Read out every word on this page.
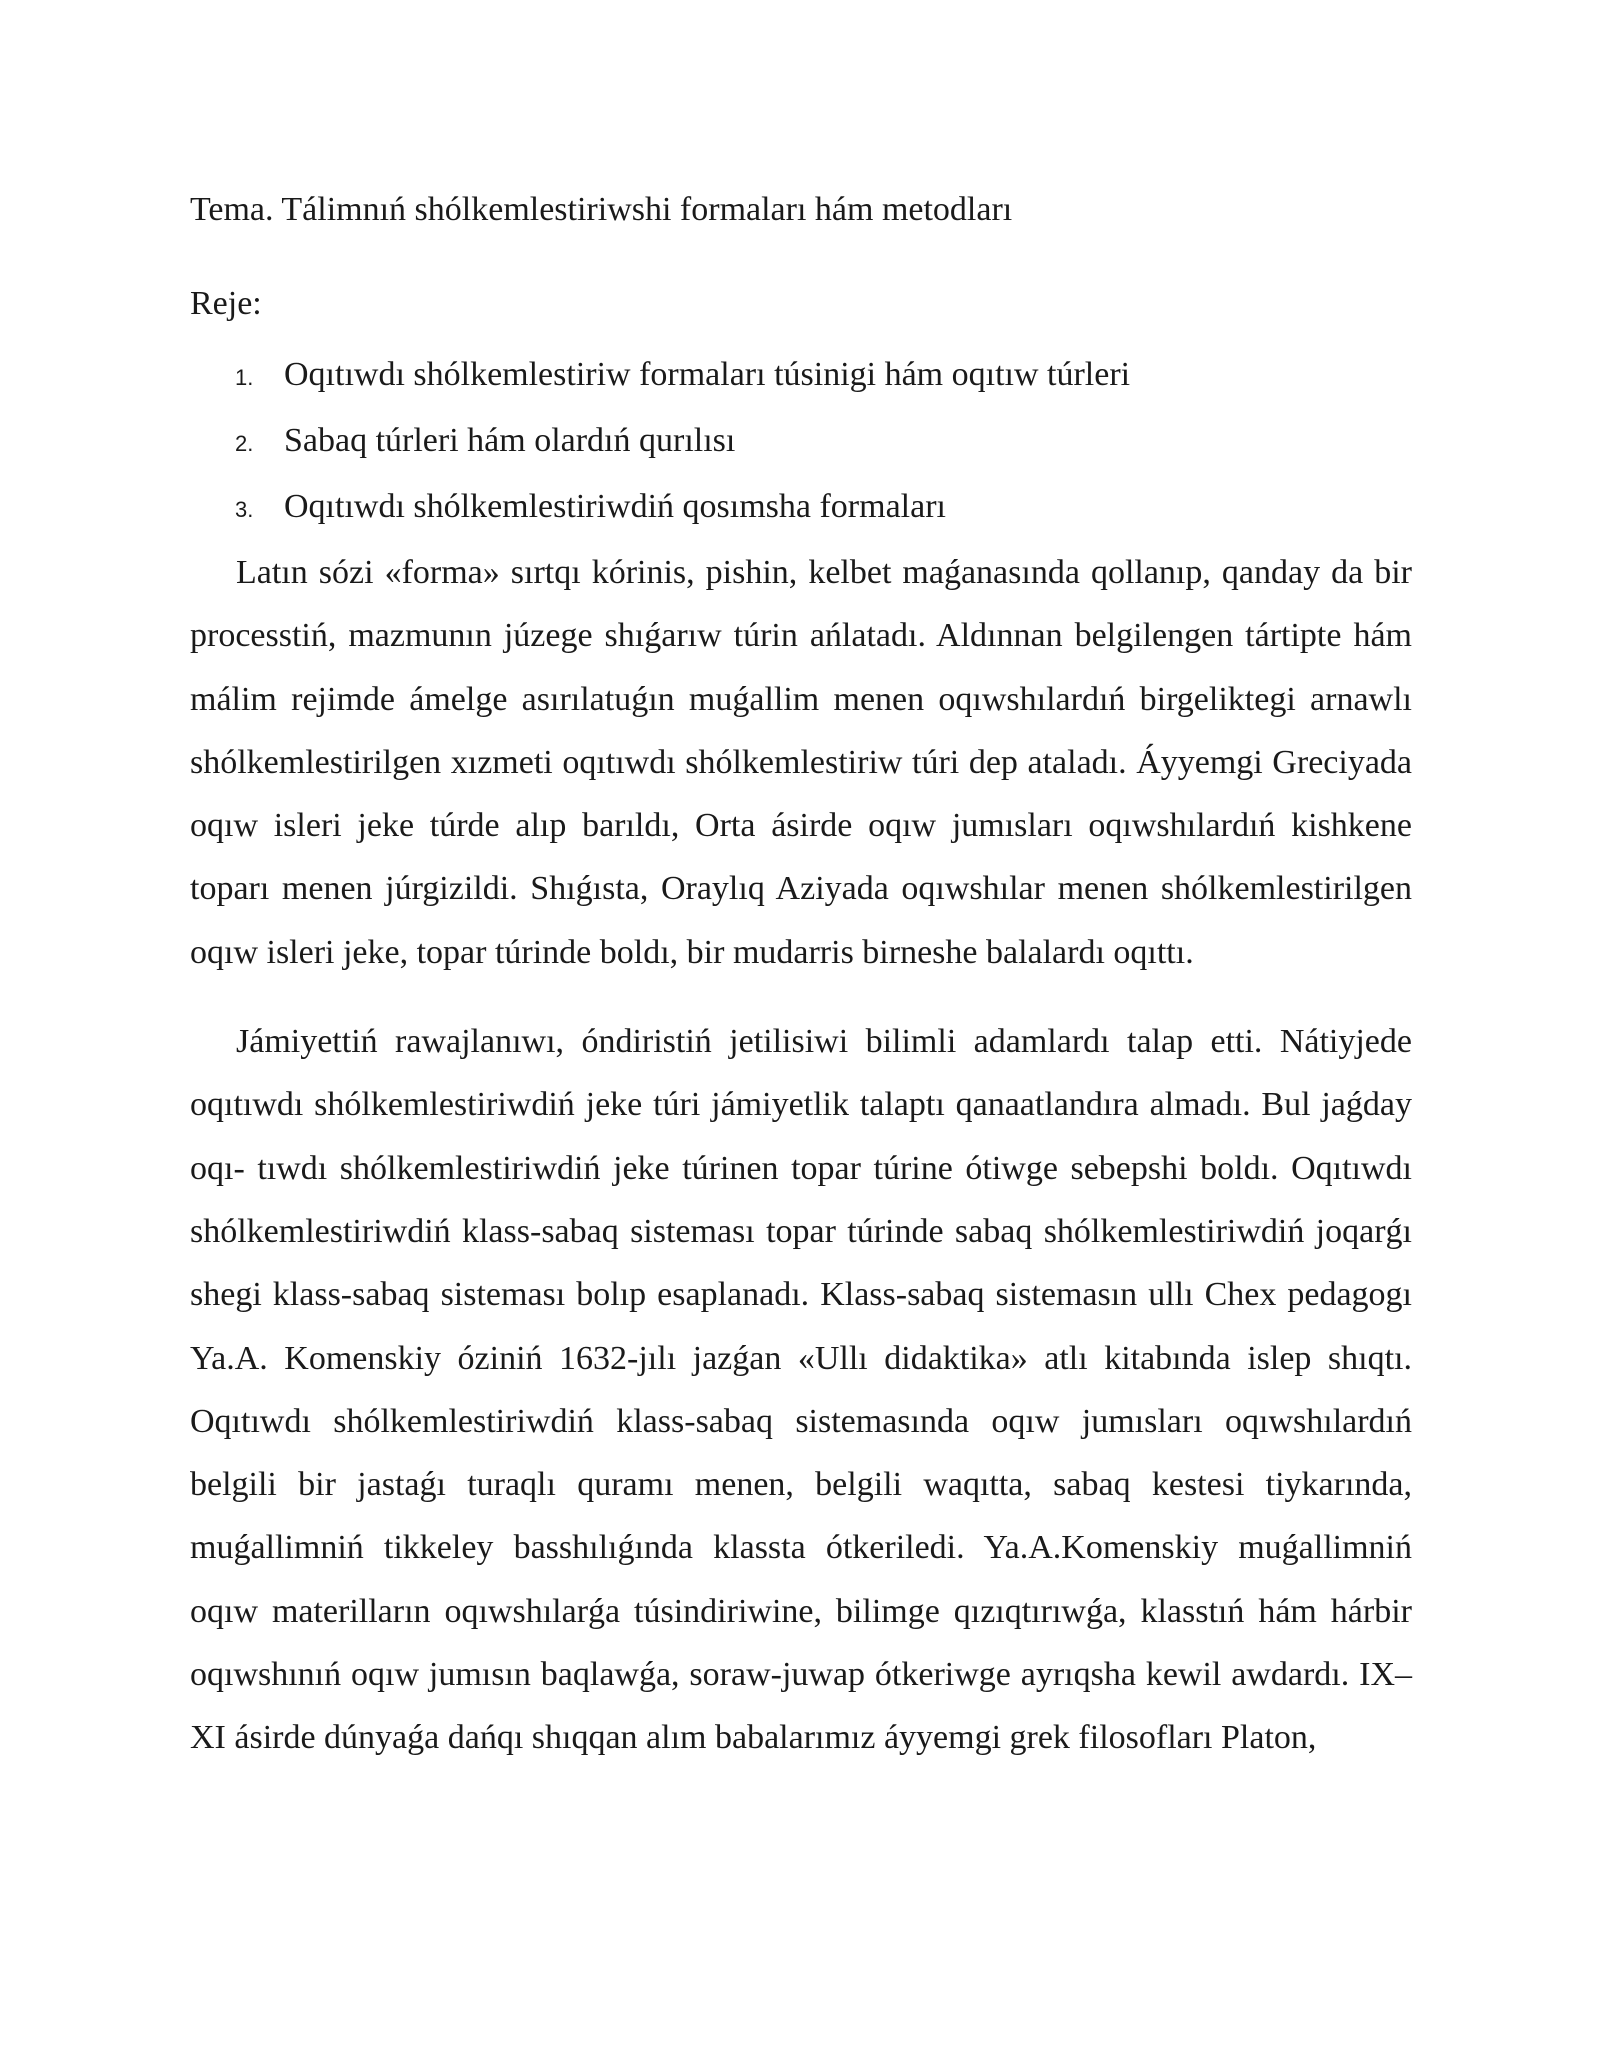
Tema. Tálimnıń shólkemlestiriwshi formaları hám metodları

Reje:

1. Oqıtıwdı shólkemlestiriw formaları túsinigi hám oqıtıw túrleri
2. Sabaq túrleri hám olardıń qurılısı
3. Oqıtıwdı shólkemlestiriwdiń qosımsha formaları

Latın sózi «forma» sırtqı kórinis, pishin, kelbet maǵanasında qollanıp, qanday da bir processtiń, mazmunın júzege shıǵarıw túrin ańlatadı. Aldınnan belgilengen tártipte hám málim rejimde ámelge asırılatuǵın muǵallim menen oqıwshılardıń birgeliktegi arnawlı shólkemlestirilgen xızmeti oqıtıwdı shólkemlestiriw túri dep ataladı. Áyyemgi Greciyada oqıw isleri jeke túrde alıp barıldı, Orta ásirde oqıw jumısları oqıwshılardıń kishkene toparı menen júrgizildi. Shıǵısta, Oraylıq Aziyada oqıwshılar menen shólkemlestirilgen oqıw isleri jeke, topar túrinde boldı, bir mudarris birneshe balalardı oqıttı.

Jámiyettiń rawajlanıwı, óndiristiń jetilisiwi bilimli adamlardı talap etti. Nátiyjede oqıtıwdı shólkemlestiriwdiń jeke túri jámiyetlik talaptı qanaatlandıra almadı. Bul jaǵday oqı- tıwdı shólkemlestiriwdiń jeke túrinen topar túrine ótiwge sebepshi boldı. Oqıtıwdı shólkemlestiriwdiń klass-sabaq sisteması topar túrinde sabaq shólkemlestiriwdiń joqarǵı shegi klass-sabaq sisteması bolıp esaplanadı. Klass-sabaq sistemasın ullı Chex pedagogı Ya.A. Komenskiy óziniń 1632-jılı jazǵan «Ullı didaktika» atlı kitabında islep shıqtı. Oqıtıwdı shólkemlestiriwdiń klass-sabaq sistemasında oqıw jumısları oqıwshılardıń belgili bir jastaǵı turaqlı quramı menen, belgili waqıtta, sabaq kestesi tiykarında, muǵallimniń tikkeley basshılıǵında klassta ótkeriledi. Ya.A.Komenskiy muǵallimniń oqıw materilların oqıwshılarǵa túsindiriwine, bilimge qızıqtırıwǵa, klasstıń hám hárbir oqıwshınıń oqıw jumısın baqlawǵa, soraw-juwap ótkeriwge ayrıqsha kewil awdardı. IX–XI ásirde dúnyaǵa dańqı shıqqan alım babalarımız áyyemgi grek filosofları Platon,
